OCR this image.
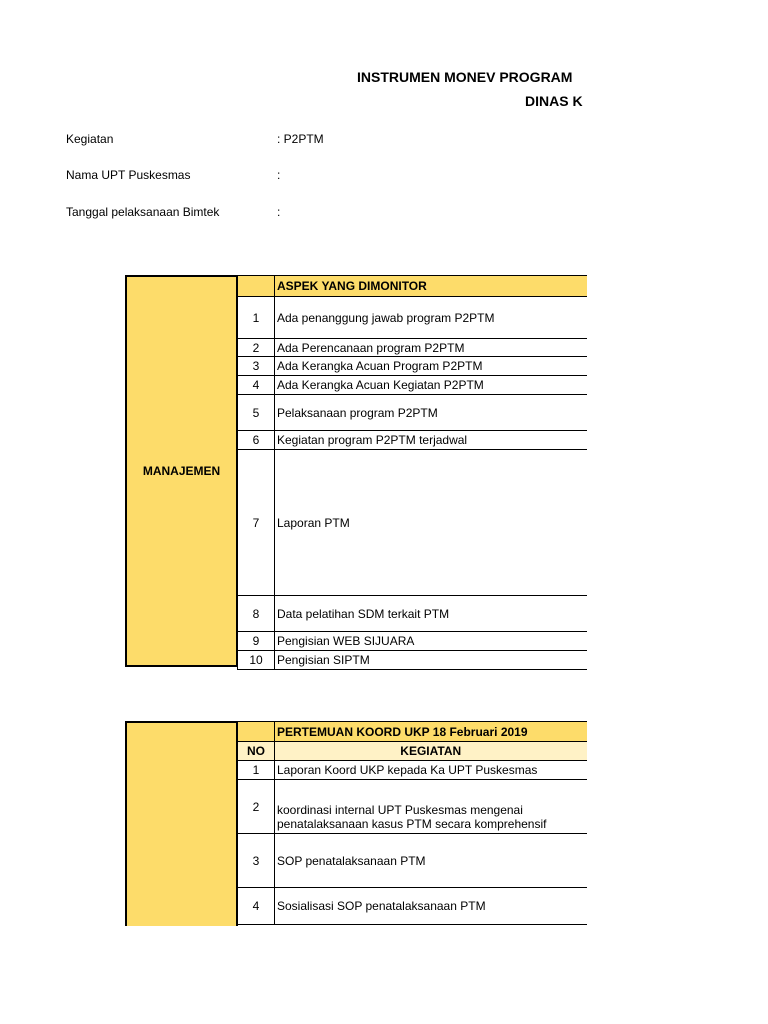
INSTRUMEN MONEV PROGRAM
DINAS K
Kegiatan	: P2PTM
Nama UPT Puskesmas	:
Tanggal pelaksanaan Bimtek	:
MANAJEMEN
	ASPEK YANG DIMONITOR
1	Ada penanggung jawab program P2PTM
2	Ada Perencanaan program P2PTM
3	Ada Kerangka Acuan Program P2PTM
4	Ada Kerangka Acuan Kegiatan P2PTM
5	Pelaksanaan program P2PTM
6	Kegiatan program P2PTM terjadwal
7	Laporan PTM
8	Data pelatihan SDM terkait PTM
9	Pengisian WEB SIJUARA
10	Pengisian SIPTM
	PERTEMUAN KOORD UKP 18 Februari 2019
NO	KEGIATAN
1	Laporan Koord UKP kepada Ka UPT Puskesmas
2	koordinasi internal UPT Puskesmas mengenai
penatalaksanaan kasus PTM secara komprehensif

3	SOP penatalaksanaan PTM
4	Sosialisasi SOP penatalaksanaan PTM
